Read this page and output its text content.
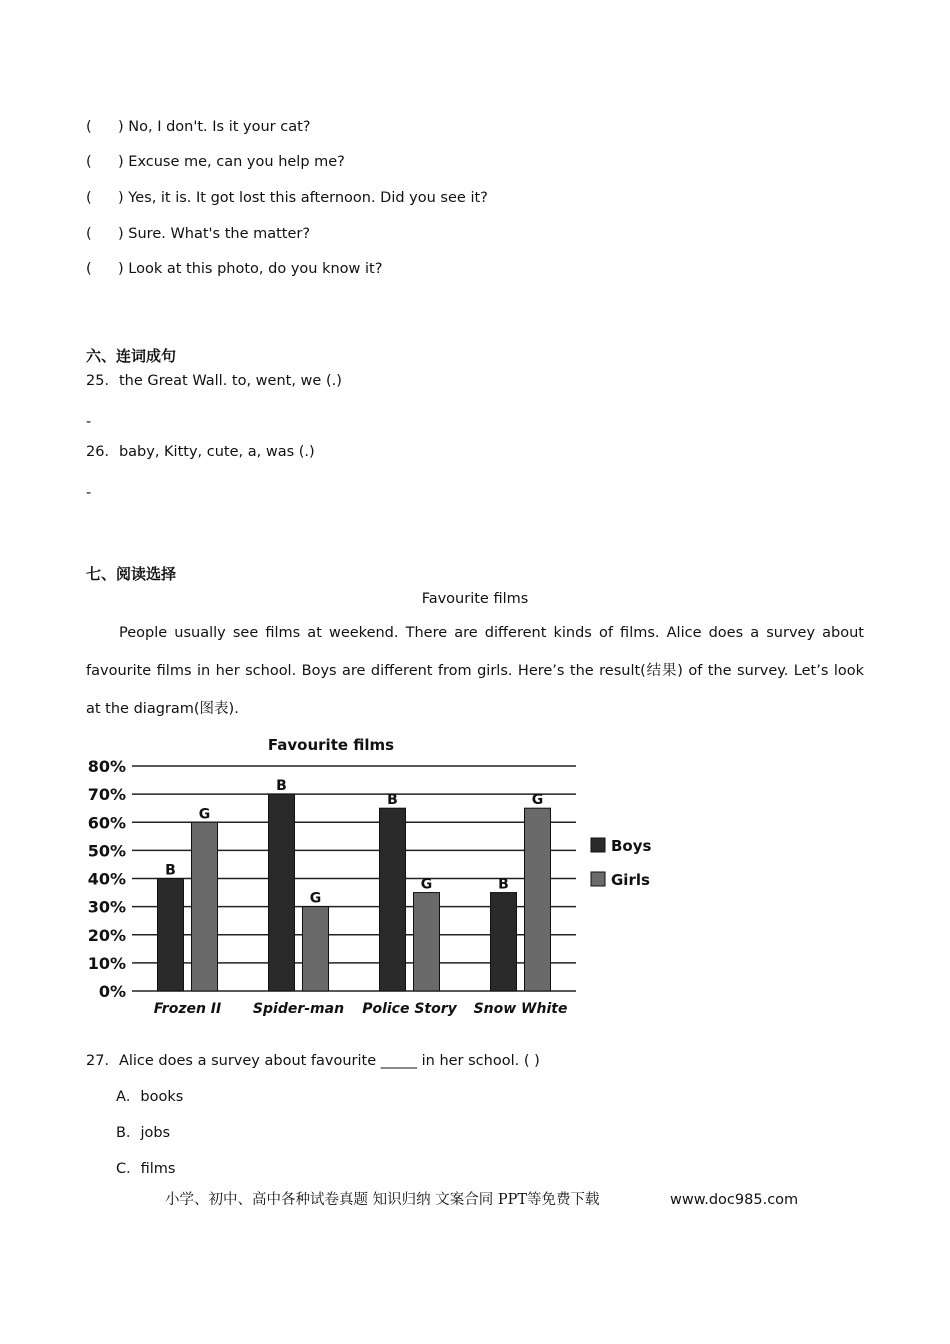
( ) No, I don't. Is it your cat?
( ) Excuse me, can you help me?
( ) Yes, it is. It got lost this afternoon. Did you see it?
( ) Sure. What's the matter?
( ) Look at this photo, do you know it?
六、连词成句
25．the Great Wall. to, went, we (.)
-
26．baby, Kitty, cute, a, was (.)
-
七、阅读选择
Favourite films
People usually see films at weekend. There are different kinds of films. Alice does a survey about favourite films in her school. Boys are different from girls. Here’s the result(结果) of the survey. Let’s look at the diagram(图表).
Favourite films
0%
10%
20%
30%
40%
50%
60%
70%
80%
B
G
Frozen II
B
G
Spider-man
B
G
Police Story
B
G
Snow White
Boys
Girls
27．Alice does a survey about favourite _____ in her school. ( )
A．books
B．jobs
C．films
小学、初中、高中各种试卷真题 知识归纳 文案合同 PPT等免费下载	www.doc985.com
